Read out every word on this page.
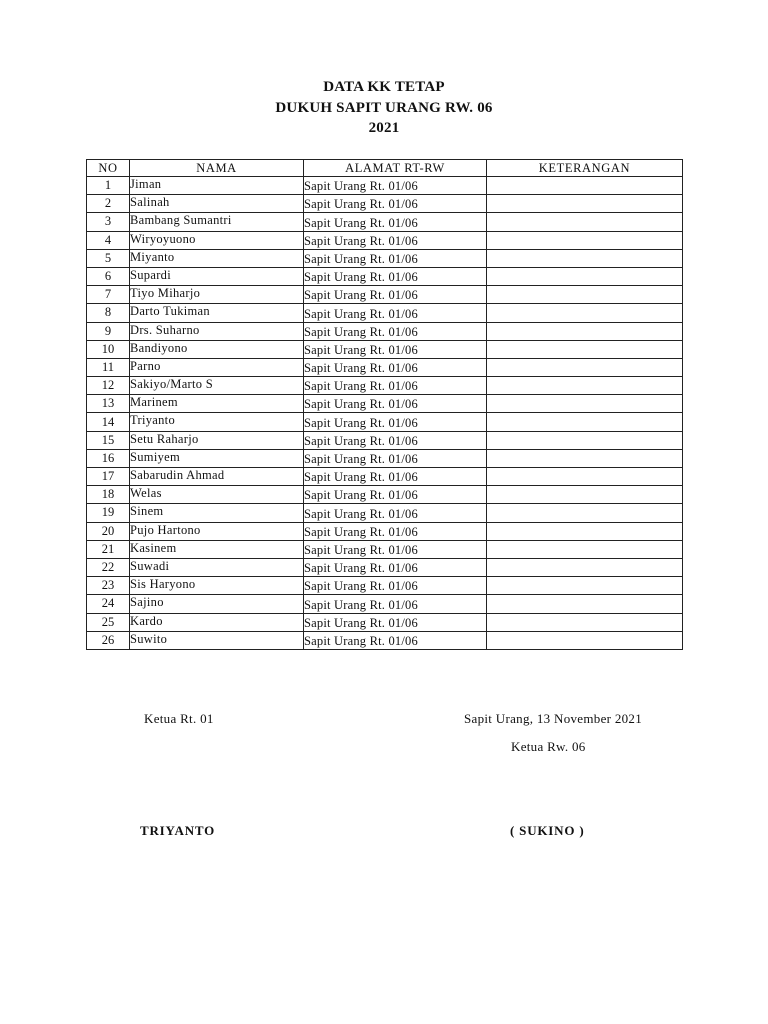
DATA KK TETAP
DUKUH SAPIT URANG RW. 06
2021
NO	NAMA	ALAMAT RT-RW	KETERANGAN
1	Jiman	Sapit Urang Rt. 01/06	
2	Salinah	Sapit Urang Rt. 01/06	
3	Bambang Sumantri	Sapit Urang Rt. 01/06	
4	Wiryoyuono	Sapit Urang Rt. 01/06	
5	Miyanto	Sapit Urang Rt. 01/06	
6	Supardi	Sapit Urang Rt. 01/06	
7	Tiyo Miharjo	Sapit Urang Rt. 01/06	
8	Darto Tukiman	Sapit Urang Rt. 01/06	
9	Drs. Suharno	Sapit Urang Rt. 01/06	
10	Bandiyono	Sapit Urang Rt. 01/06	
11	Parno	Sapit Urang Rt. 01/06	
12	Sakiyo/Marto S	Sapit Urang Rt. 01/06	
13	Marinem	Sapit Urang Rt. 01/06	
14	Triyanto	Sapit Urang Rt. 01/06	
15	Setu Raharjo	Sapit Urang Rt. 01/06	
16	Sumiyem	Sapit Urang Rt. 01/06	
17	Sabarudin Ahmad	Sapit Urang Rt. 01/06	
18	Welas	Sapit Urang Rt. 01/06	
19	Sinem	Sapit Urang Rt. 01/06	
20	Pujo Hartono	Sapit Urang Rt. 01/06	
21	Kasinem	Sapit Urang Rt. 01/06	
22	Suwadi	Sapit Urang Rt. 01/06	
23	Sis Haryono	Sapit Urang Rt. 01/06	
24	Sajino	Sapit Urang Rt. 01/06	
25	Kardo	Sapit Urang Rt. 01/06	
26	Suwito	Sapit Urang Rt. 01/06	
Ketua Rt. 01	Sapit Urang, 13 November 2021
Ketua Rw. 06
TRIYANTO	( SUKINO )
